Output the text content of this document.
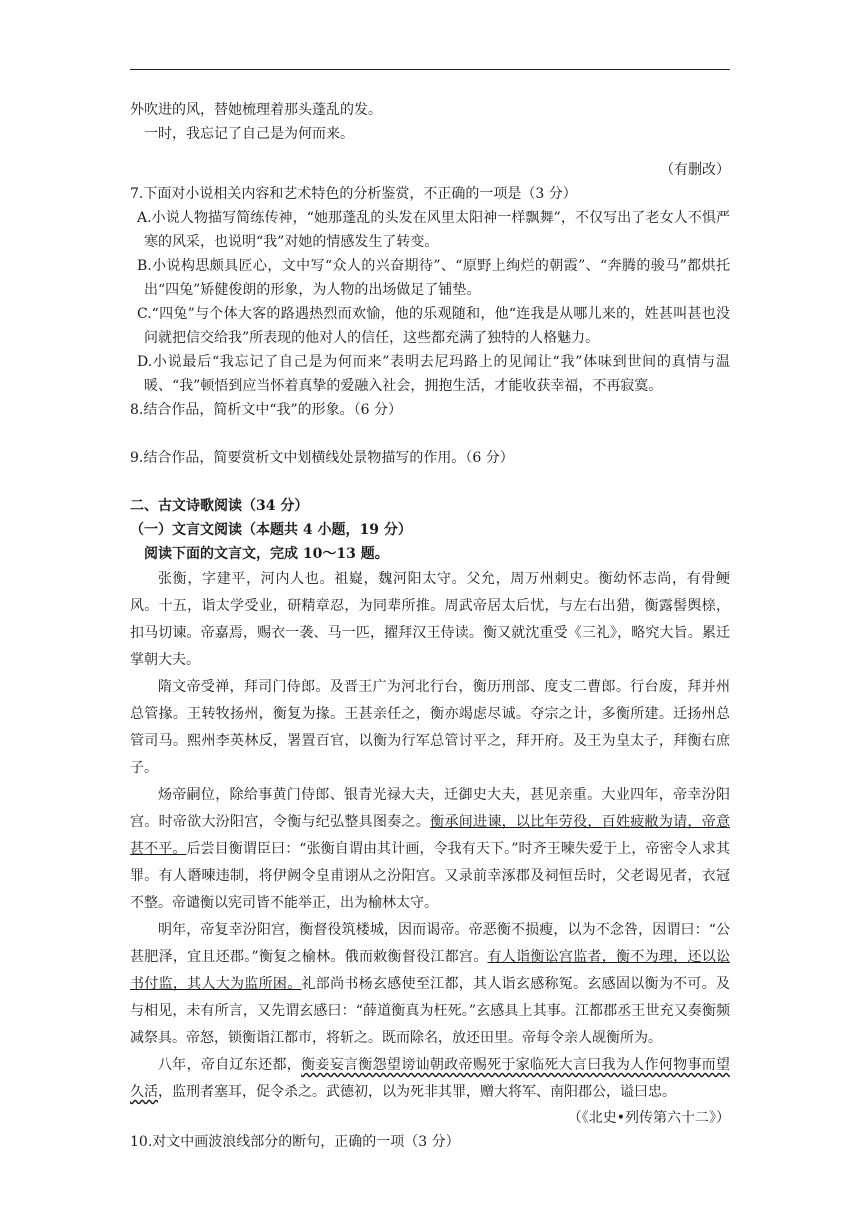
外吹进的风，替她梳理着那头蓬乱的发。

一时，我忘记了自己是为何而来。

（有删改）

7.下面对小说相关内容和艺术特色的分析鉴赏，不正确的一项是（3 分）

A.小说人物描写简练传神，“她那蓬乱的头发在风里太阳神一样飘舞”，不仅写出了老女人不惧严寒的风采，也说明“我”对她的情感发生了转变。

B.小说构思颇具匠心，文中写“众人的兴奋期待”、“原野上绚烂的朝霞”、“奔腾的骏马”都烘托出“四兔”矫健俊朗的形象，为人物的出场做足了铺垫。

C.“四兔”与个体大客的路遇热烈而欢愉，他的乐观随和，他“连我是从哪儿来的，姓甚叫甚也没问就把信交给我”所表现的他对人的信任，这些都充满了独特的人格魅力。

D.小说最后“我忘记了自己是为何而来”表明去尼玛路上的见闻让“我”体味到世间的真情与温暖、“我”顿悟到应当怀着真挚的爱融入社会，拥抱生活，才能收获幸福，不再寂寞。

8.结合作品，简析文中“我”的形象。（6 分）

9.结合作品，简要赏析文中划横线处景物描写的作用。（6 分）

二、古文诗歌阅读（34 分）

（一）文言文阅读（本题共 4 小题，19 分）

阅读下面的文言文，完成 10～13 题。

张衡，字建平，河内人也。祖嶷，魏河阳太守。父允，周万州刺史。衡幼怀志尚，有骨鲠风。十五，诣太学受业，研精章忍，为同辈所推。周武帝居太后忧，与左右出猎，衡露髻舆榇，扣马切谏。帝嘉焉，赐衣一袭、马一匹，擢拜汉王侍读。衡又就沈重受《三礼》，略究大旨。累迁掌朝大夫。

隋文帝受禅，拜司门侍郎。及晋王广为河北行台，衡历刑部、度支二曹郎。行台废，拜并州总管掾。王转牧扬州，衡复为掾。王甚亲任之，衡亦竭虑尽诚。夺宗之计，多衡所建。迁扬州总管司马。熙州李英林反，署置百官，以衡为行军总管讨平之，拜开府。及王为皇太子，拜衡右庶子。

炀帝嗣位，除给事黄门侍郎、银青光禄大夫，迁御史大夫，甚见亲重。大业四年，帝幸汾阳宫。时帝欲大汾阳宫，令衡与纪弘整具图奏之。衡承间进谏，以比年劳役，百姓疲敝为请，帝意甚不平。后尝目衡谓臣曰：“张衡自谓由其计画，令我有天下。”时齐王暕失爱于上，帝密令人求其罪。有人谮暕违制，将伊阙令皇甫诩从之汾阳宫。又录前幸涿郡及祠恒岳时，父老谒见者，衣冠不整。帝谴衡以宪司皆不能举正，出为榆林太守。

明年，帝复幸汾阳宫，衡督役筑楼城，因而谒帝。帝恶衡不损瘦，以为不念咎，因谓曰：“公甚肥泽，宜且还郡。”衡复之榆林。俄而敕衡督役江都宫。有人诣衡讼宫监者，衡不为理，还以讼书付监，其人大为监所困。礼部尚书杨玄感使至江都，其人诣玄感称冤。玄感固以衡为不可。及与相见，未有所言，又先谓玄感曰：“薛道衡真为枉死。”玄感具上其事。江都郡丞王世充又奏衡频减祭具。帝怒，锁衡诣江都市，将斩之。既而除名，放还田里。帝每令亲人觇衡所为。

八年，帝自辽东还都，衡妾妄言衡怨望谤讪朝政帝赐死于家临死大言曰我为人作何物事而望久活，监刑者塞耳，促令杀之。武德初，以为死非其罪，赠大将军、南阳郡公，谥曰忠。

（《北史•列传第六十二》）

10.对文中画波浪线部分的断句，正确的一项（3 分）
